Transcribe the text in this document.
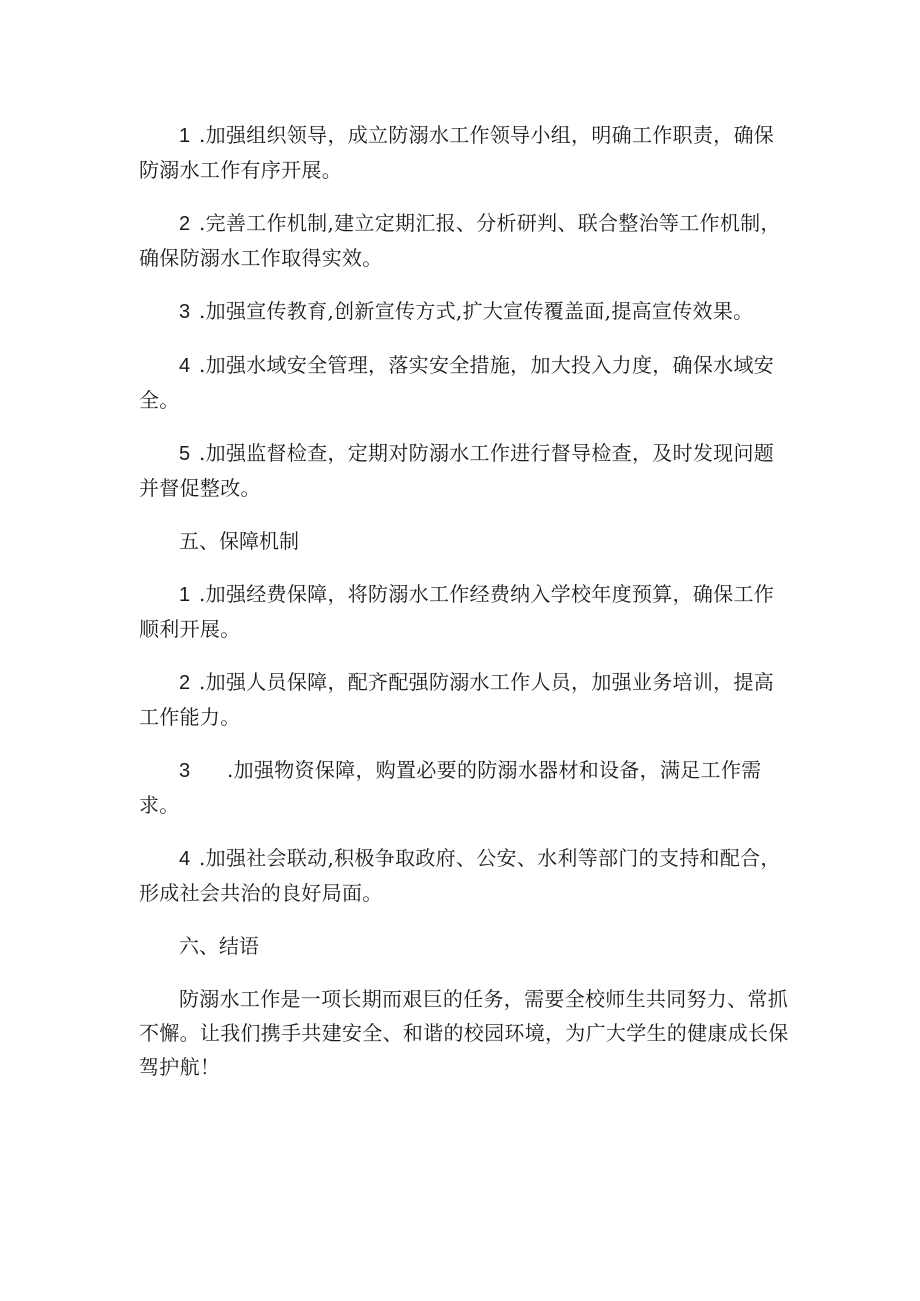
1 .加强组织领导，成立防溺水工作领导小组，明确工作职责，确保防溺水工作有序开展。

2 .完善工作机制,建立定期汇报、分析研判、联合整治等工作机制，确保防溺水工作取得实效。

3 .加强宣传教育,创新宣传方式,扩大宣传覆盖面,提高宣传效果。

4 .加强水域安全管理，落实安全措施，加大投入力度，确保水域安全。

5 .加强监督检查，定期对防溺水工作进行督导检查，及时发现问题并督促整改。

五、保障机制

1 .加强经费保障，将防溺水工作经费纳入学校年度预算，确保工作顺利开展。

2 .加强人员保障，配齐配强防溺水工作人员，加强业务培训，提高工作能力。

3 .加强物资保障，购置必要的防溺水器材和设备，满足工作需求。

4 .加强社会联动,积极争取政府、公安、水利等部门的支持和配合，形成社会共治的良好局面。

六、结语

防溺水工作是一项长期而艰巨的任务，需要全校师生共同努力、常抓不懈。让我们携手共建安全、和谐的校园环境，为广大学生的健康成长保驾护航！
